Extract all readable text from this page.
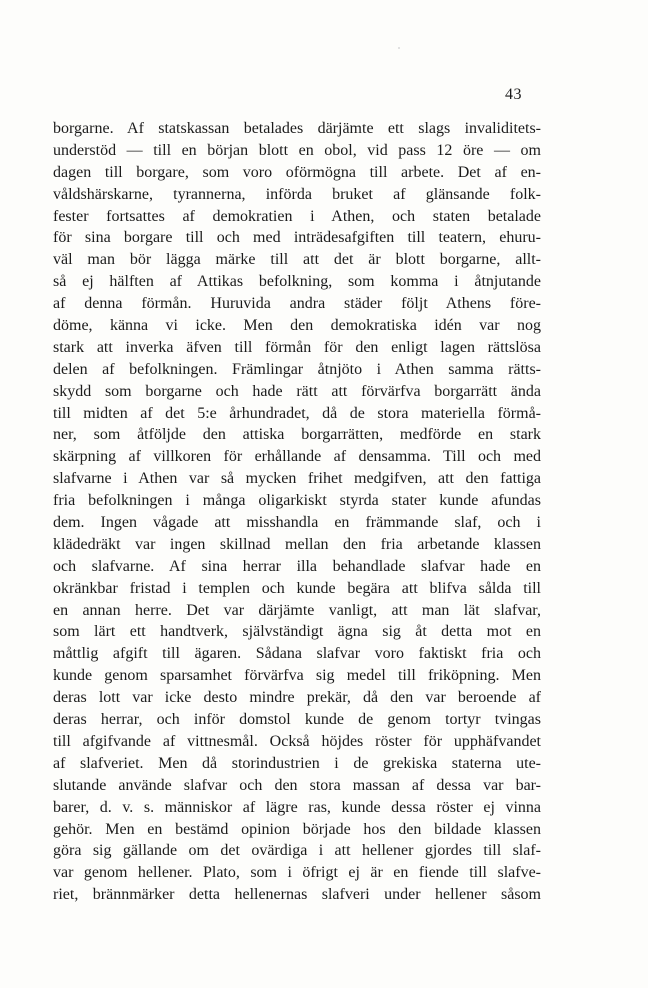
43
borgarne. Af statskassan betalades därjämte ett slags invaliditets-
understöd — till en början blott en obol, vid pass 12 öre — om
dagen till borgare, som voro oförmögna till arbete. Det af en-
våldshärskarne, tyrannerna, införda bruket af glänsande folk-
fester fortsattes af demokratien i Athen, och staten betalade
för sina borgare till och med inträdesafgiften till teatern, ehuru-
väl man bör lägga märke till att det är blott borgarne, allt-
så ej hälften af Attikas befolkning, som komma i åtnjutande
af denna förmån. Huruvida andra städer följt Athens före-
döme, känna vi icke. Men den demokratiska idén var nog
stark att inverka äfven till förmån för den enligt lagen rättslösa
delen af befolkningen. Främlingar åtnjöto i Athen samma rätts-
skydd som borgarne och hade rätt att förvärfva borgarrätt ända
till midten af det 5:e århundradet, då de stora materiella förmå-
ner, som åtföljde den attiska borgarrätten, medförde en stark
skärpning af villkoren för erhållande af densamma. Till och med
slafvarne i Athen var så mycken frihet medgifven, att den fattiga
fria befolkningen i många oligarkiskt styrda stater kunde afundas
dem. Ingen vågade att misshandla en främmande slaf, och i
klädedräkt var ingen skillnad mellan den fria arbetande klassen
och slafvarne. Af sina herrar illa behandlade slafvar hade en
okränkbar fristad i templen och kunde begära att blifva sålda till
en annan herre. Det var därjämte vanligt, att man lät slafvar,
som lärt ett handtverk, självständigt ägna sig åt detta mot en
måttlig afgift till ägaren. Sådana slafvar voro faktiskt fria och
kunde genom sparsamhet förvärfva sig medel till friköpning. Men
deras lott var icke desto mindre prekär, då den var beroende af
deras herrar, och inför domstol kunde de genom tortyr tvingas
till afgifvande af vittnesmål. Också höjdes röster för upphäfvandet
af slafveriet. Men då storindustrien i de grekiska staterna ute-
slutande använde slafvar och den stora massan af dessa var bar-
barer, d. v. s. människor af lägre ras, kunde dessa röster ej vinna
gehör. Men en bestämd opinion började hos den bildade klassen
göra sig gällande om det ovärdiga i att hellener gjordes till slaf-
var genom hellener. Plato, som i öfrigt ej är en fiende till slafve-
riet, brännmärker detta hellenernas slafveri under hellener såsom
